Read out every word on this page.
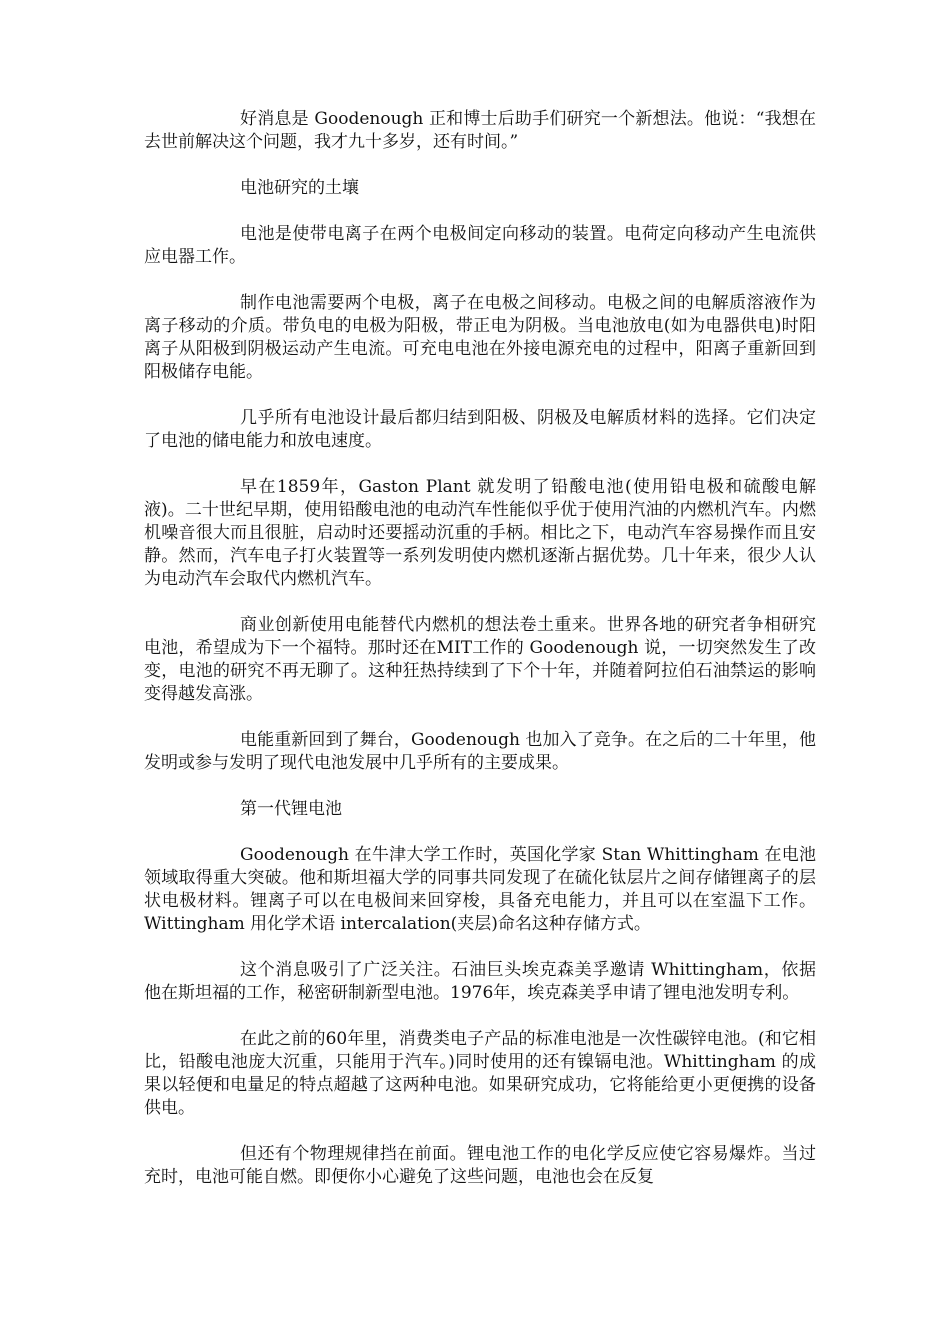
好消息是 Goodenough 正和博士后助手们研究一个新想法。他说：“我想在去世前解决这个问题，我才九十多岁，还有时间。”

电池研究的土壤

电池是使带电离子在两个电极间定向移动的装置。电荷定向移动产生电流供应电器工作。

制作电池需要两个电极，离子在电极之间移动。电极之间的电解质溶液作为离子移动的介质。带负电的电极为阳极，带正电为阴极。当电池放电(如为电器供电)时阳离子从阳极到阴极运动产生电流。可充电电池在外接电源充电的过程中，阳离子重新回到阳极储存电能。

几乎所有电池设计最后都归结到阳极、阴极及电解质材料的选择。它们决定了电池的储电能力和放电速度。

早在1859年，Gaston Plant 就发明了铅酸电池(使用铅电极和硫酸电解液)。二十世纪早期，使用铅酸电池的电动汽车性能似乎优于使用汽油的内燃机汽车。内燃机噪音很大而且很脏，启动时还要摇动沉重的手柄。相比之下，电动汽车容易操作而且安静。然而，汽车电子打火装置等一系列发明使内燃机逐渐占据优势。几十年来，很少人认为电动汽车会取代内燃机汽车。

商业创新使用电能替代内燃机的想法卷土重来。世界各地的研究者争相研究电池，希望成为下一个福特。那时还在MIT工作的 Goodenough 说，一切突然发生了改变，电池的研究不再无聊了。这种狂热持续到了下个十年，并随着阿拉伯石油禁运的影响变得越发高涨。

电能重新回到了舞台，Goodenough 也加入了竞争。在之后的二十年里，他发明或参与发明了现代电池发展中几乎所有的主要成果。

第一代锂电池

Goodenough 在牛津大学工作时，英国化学家 Stan Whittingham 在电池领域取得重大突破。他和斯坦福大学的同事共同发现了在硫化钛层片之间存储锂离子的层状电极材料。锂离子可以在电极间来回穿梭，具备充电能力，并且可以在室温下工作。Wittingham 用化学术语 intercalation(夹层)命名这种存储方式。

这个消息吸引了广泛关注。石油巨头埃克森美孚邀请 Whittingham，依据他在斯坦福的工作，秘密研制新型电池。1976年，埃克森美孚申请了锂电池发明专利。

在此之前的60年里，消费类电子产品的标准电池是一次性碳锌电池。(和它相比，铅酸电池庞大沉重，只能用于汽车。)同时使用的还有镍镉电池。Whittingham 的成果以轻便和电量足的特点超越了这两种电池。如果研究成功，它将能给更小更便携的设备供电。

但还有个物理规律挡在前面。锂电池工作的电化学反应使它容易爆炸。当过充时，电池可能自燃。即便你小心避免了这些问题，电池也会在反复
